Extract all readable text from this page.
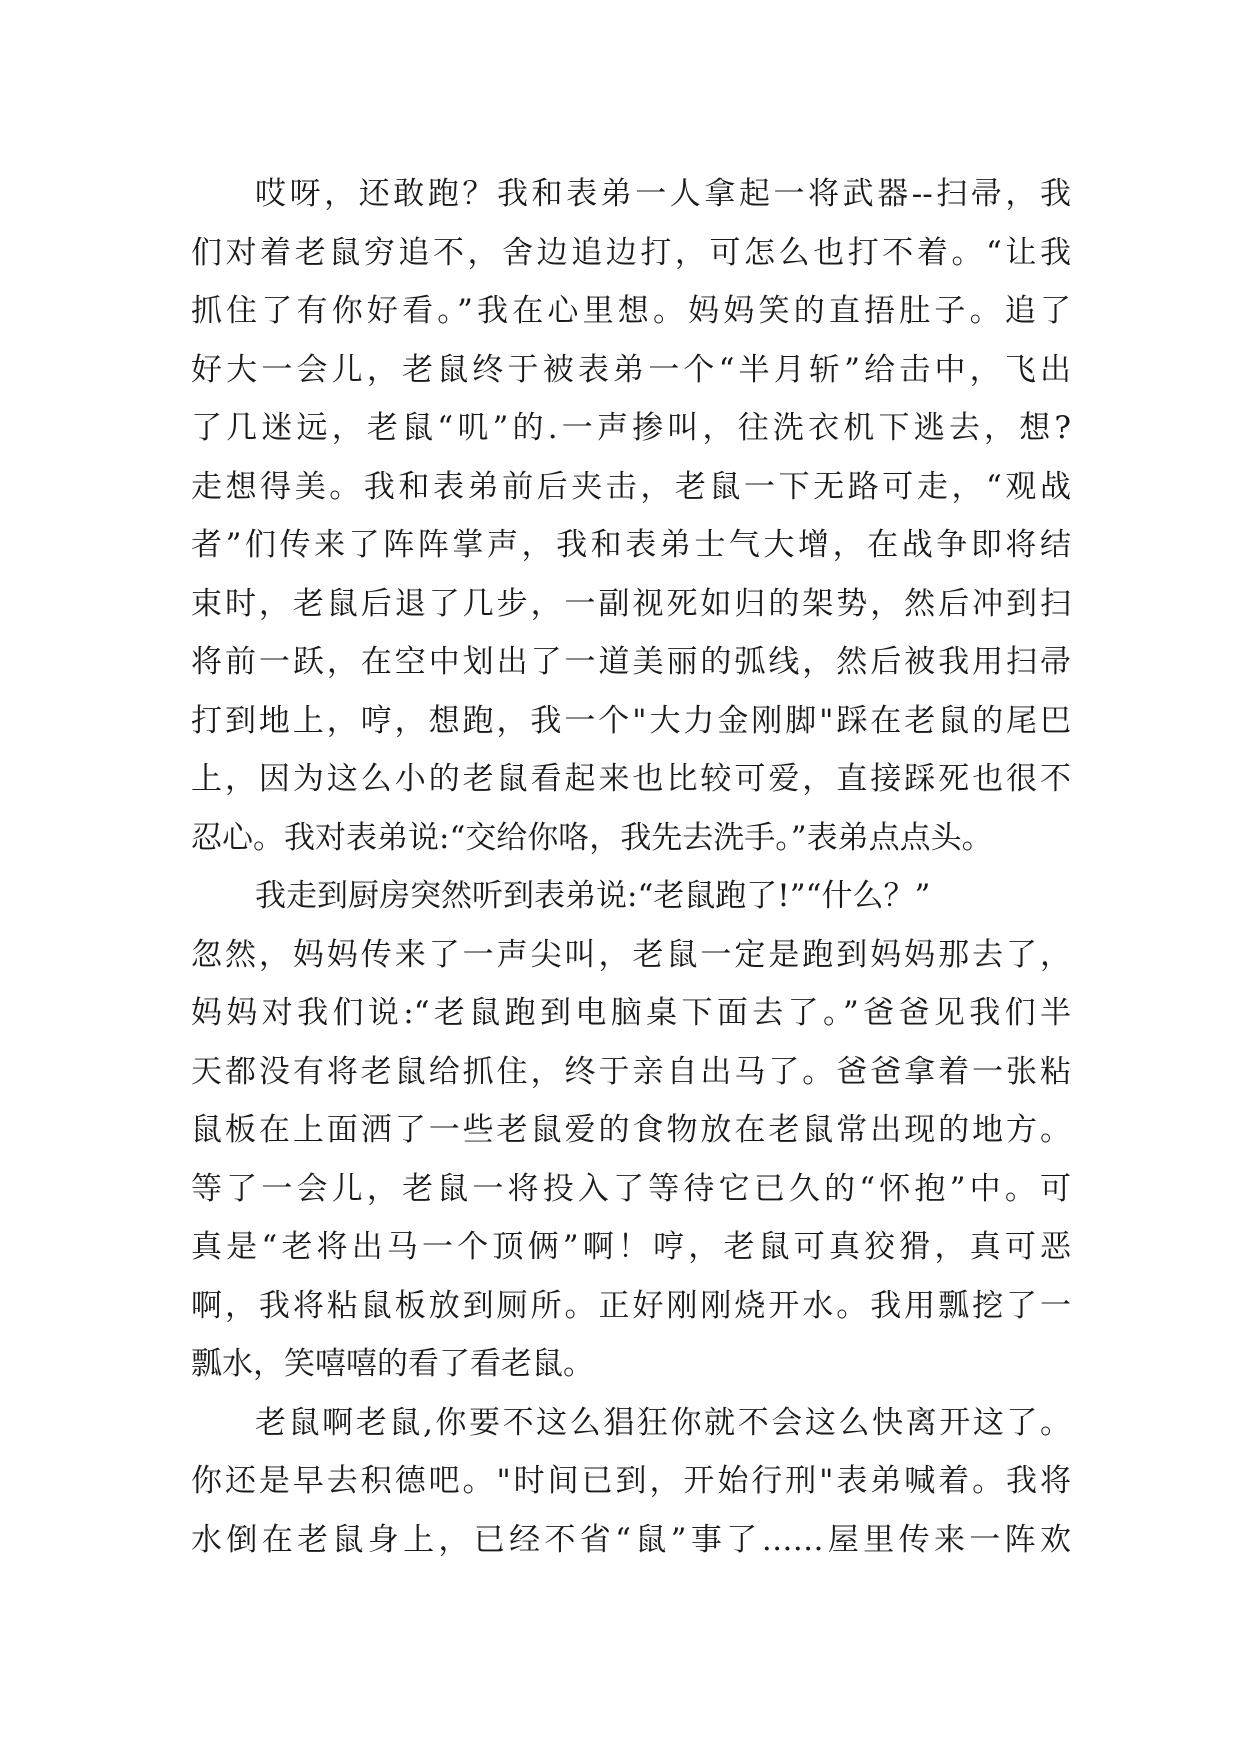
哎呀，还敢跑？我和表弟一人拿起一将武器--扫帚，我
们对着老鼠穷追不，舍边追边打，可怎么也打不着。“让我
抓住了有你好看。”我在心里想。妈妈笑的直捂肚子。追了
好大一会儿，老鼠终于被表弟一个“半月斩”给击中，飞出
了几迷远，老鼠“叽”的.一声掺叫，往洗衣机下逃去，想?
走想得美。我和表弟前后夹击，老鼠一下无路可走，“观战
者”们传来了阵阵掌声，我和表弟士气大增，在战争即将结
束时，老鼠后退了几步，一副视死如归的架势，然后冲到扫
将前一跃，在空中划出了一道美丽的弧线，然后被我用扫帚
打到地上，哼，想跑，我一个"大力金刚脚"踩在老鼠的尾巴
上，因为这么小的老鼠看起来也比较可爱，直接踩死也很不
忍心。我对表弟说:“交给你咯，我先去洗手。”表弟点点头。
我走到厨房突然听到表弟说:“老鼠跑了!”“什么？”
忽然，妈妈传来了一声尖叫，老鼠一定是跑到妈妈那去了，
妈妈对我们说:“老鼠跑到电脑桌下面去了。”爸爸见我们半
天都没有将老鼠给抓住，终于亲自出马了。爸爸拿着一张粘
鼠板在上面洒了一些老鼠爱的食物放在老鼠常出现的地方。
等了一会儿，老鼠一将投入了等待它已久的“怀抱”中。可
真是“老将出马一个顶俩”啊！哼，老鼠可真狡猾，真可恶
啊，我将粘鼠板放到厕所。正好刚刚烧开水。我用瓢挖了一
瓢水，笑嘻嘻的看了看老鼠。
老鼠啊老鼠,你要不这么猖狂你就不会这么快离开这了。
你还是早去积德吧。"时间已到，开始行刑"表弟喊着。我将
水倒在老鼠身上，已经不省“鼠”事了……屋里传来一阵欢
